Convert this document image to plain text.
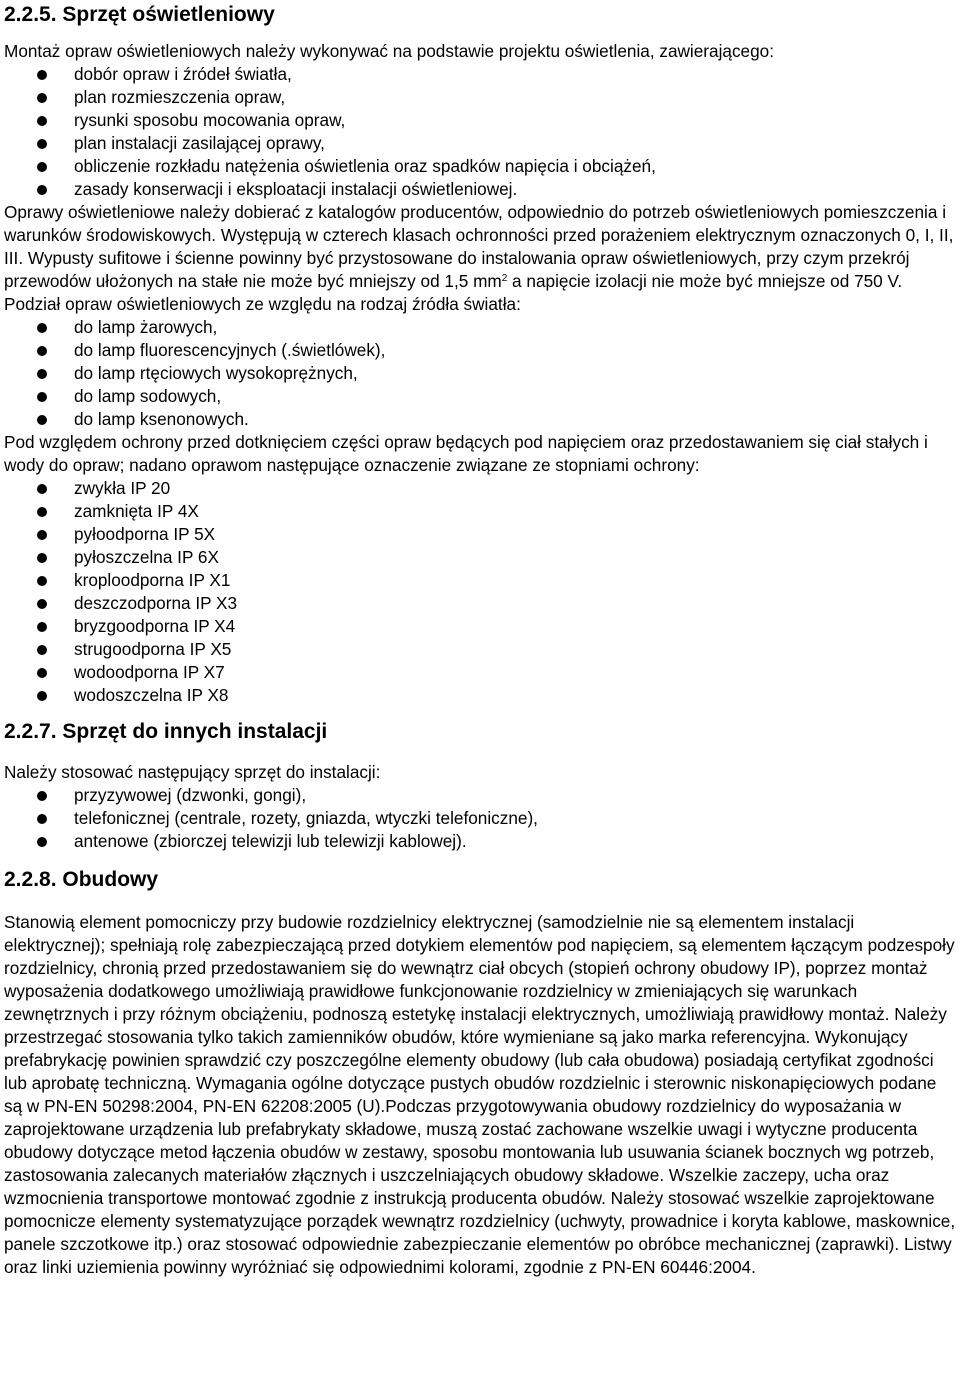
2.2.5. Sprzęt oświetleniowy

Montaż opraw oświetleniowych należy wykonywać na podstawie projektu oświetlenia, zawierającego:

dobór opraw i źródeł światła,
plan rozmieszczenia opraw,
rysunki sposobu mocowania opraw,
plan instalacji zasilającej oprawy,
obliczenie rozkładu natężenia oświetlenia oraz spadków napięcia i obciążeń,
zasady konserwacji i eksploatacji instalacji oświetleniowej.

Oprawy oświetleniowe należy dobierać z katalogów producentów, odpowiednio do potrzeb oświetleniowych pomieszczenia i warunków środowiskowych. Występują w czterech klasach ochronności przed porażeniem elektrycznym oznaczonych 0, I, II, III. Wypusty sufitowe i ścienne powinny być przystosowane do instalowania opraw oświetleniowych, przy czym przekrój przewodów ułożonych na stałe nie może być mniejszy od 1,5 $mm^2$ a napięcie izolacji nie może być mniejsze od 750 V. Podział opraw oświetleniowych ze względu na rodzaj źródła światła:

do lamp żarowych,
do lamp fluorescencyjnych (.świetlówek),
do lamp rtęciowych wysokoprężnych,
do lamp sodowych,
do lamp ksenonowych.

Pod względem ochrony przed dotknięciem części opraw będących pod napięciem oraz przedostawaniem się ciał stałych i wody do opraw; nadano oprawom następujące oznaczenie związane ze stopniami ochrony:

zwykła IP 20
zamknięta IP 4X
pyłoodporna IP 5X
pyłoszczelna IP 6X
kroploodporna IP X1
deszczodporna IP X3
bryzgoodporna IP X4
strugoodporna IP X5
wodoodporna IP X7
wodoszczelna IP X8
2.2.7. Sprzęt do innych instalacji

Należy stosować następujący sprzęt do instalacji:

przyzywowej (dzwonki, gongi),
telefonicznej (centrale, rozety, gniazda, wtyczki telefoniczne),
antenowe (zbiorczej telewizji lub telewizji kablowej).
2.2.8. Obudowy

Stanowią element pomocniczy przy budowie rozdzielnicy elektrycznej (samodzielnie nie są elementem instalacji elektrycznej); spełniają rolę zabezpieczającą przed dotykiem elementów pod napięciem, są elementem łączącym podzespoły rozdzielnicy, chronią przed przedostawaniem się do wewnątrz ciał obcych (stopień ochrony obudowy IP), poprzez montaż wyposażenia dodatkowego umożliwiają prawidłowe funkcjonowanie rozdzielnicy w zmieniających się warunkach zewnętrznych i przy różnym obciążeniu, podnoszą estetykę instalacji elektrycznych, umożliwiają prawidłowy montaż. Należy przestrzegać stosowania tylko takich zamienników obudów, które wymieniane są jako marka referencyjna. Wykonujący prefabrykację powinien sprawdzić czy poszczególne elementy obudowy (lub cała obudowa) posiadają certyfikat zgodności lub aprobatę techniczną. Wymagania ogólne dotyczące pustych obudów rozdzielnic i sterownic niskonapięciowych podane są w PN-EN 50298:2004, PN-EN 62208:2005 (U).Podczas przygotowywania obudowy rozdzielnicy do wyposażania w zaprojektowane urządzenia lub prefabrykaty składowe, muszą zostać zachowane wszelkie uwagi i wytyczne producenta obudowy dotyczące metod łączenia obudów w zestawy, sposobu montowania lub usuwania ścianek bocznych wg potrzeb, zastosowania zalecanych materiałów złącznych i uszczelniających obudowy składowe. Wszelkie zaczepy, ucha oraz wzmocnienia transportowe montować zgodnie z instrukcją producenta obudów. Należy stosować wszelkie zaprojektowane pomocnicze elementy systematyzujące porządek wewnątrz rozdzielnicy (uchwyty, prowadnice i koryta kablowe, maskownice, panele szczotkowe itp.) oraz stosować odpowiednie zabezpieczanie elementów po obróbce mechanicznej (zaprawki). Listwy oraz linki uziemienia powinny wyróżniać się odpowiednimi kolorami, zgodnie z PN-EN 60446:2004.
